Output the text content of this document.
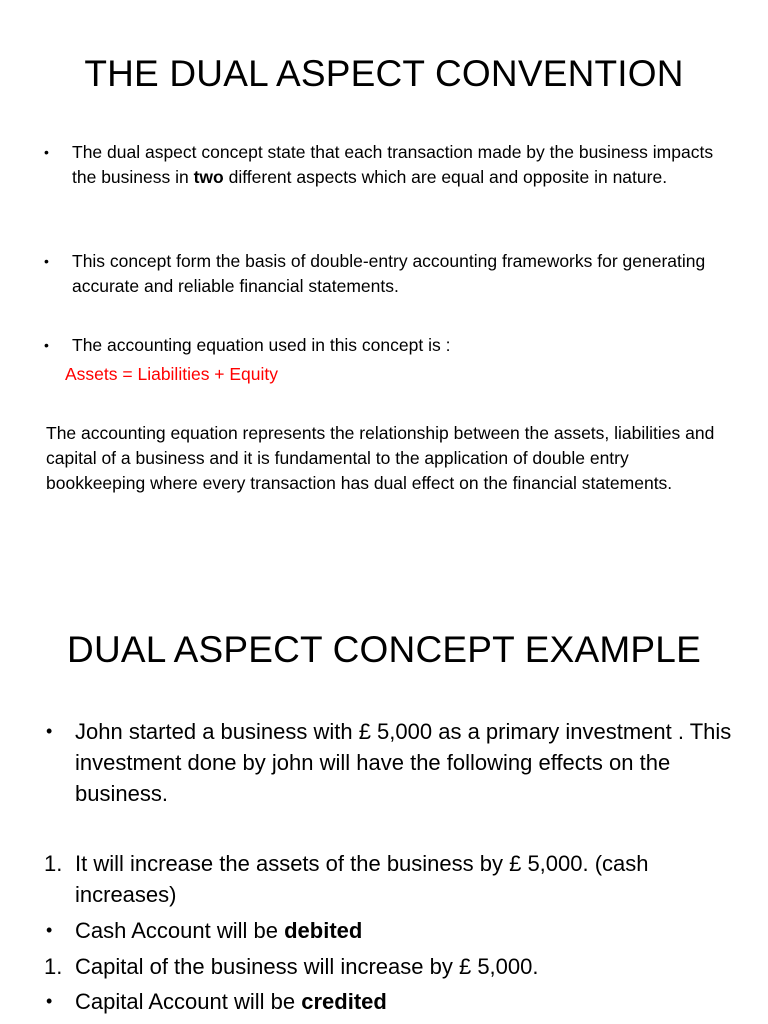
THE DUAL ASPECT CONVENTION
• The dual aspect concept state that each transaction made by the business impacts the business in two different aspects which are equal and opposite in nature.
• This concept form the basis of double-entry accounting frameworks for generating accurate and reliable financial statements.
• The accounting equation used in this concept is :
Assets = Liabilities + Equity
The accounting equation represents the relationship between the assets, liabilities and capital of a business and it is fundamental to the application of double entry bookkeeping where every transaction has dual effect on the financial statements.
DUAL ASPECT CONCEPT EXAMPLE
• John started a business with £ 5,000 as a primary investment . This investment done by john will have the following effects on the business.
1. It will increase the assets of the business by £ 5,000. (cash increases)
• Cash Account will be debited
1. Capital of the business will increase by £ 5,000.
• Capital Account will be credited
